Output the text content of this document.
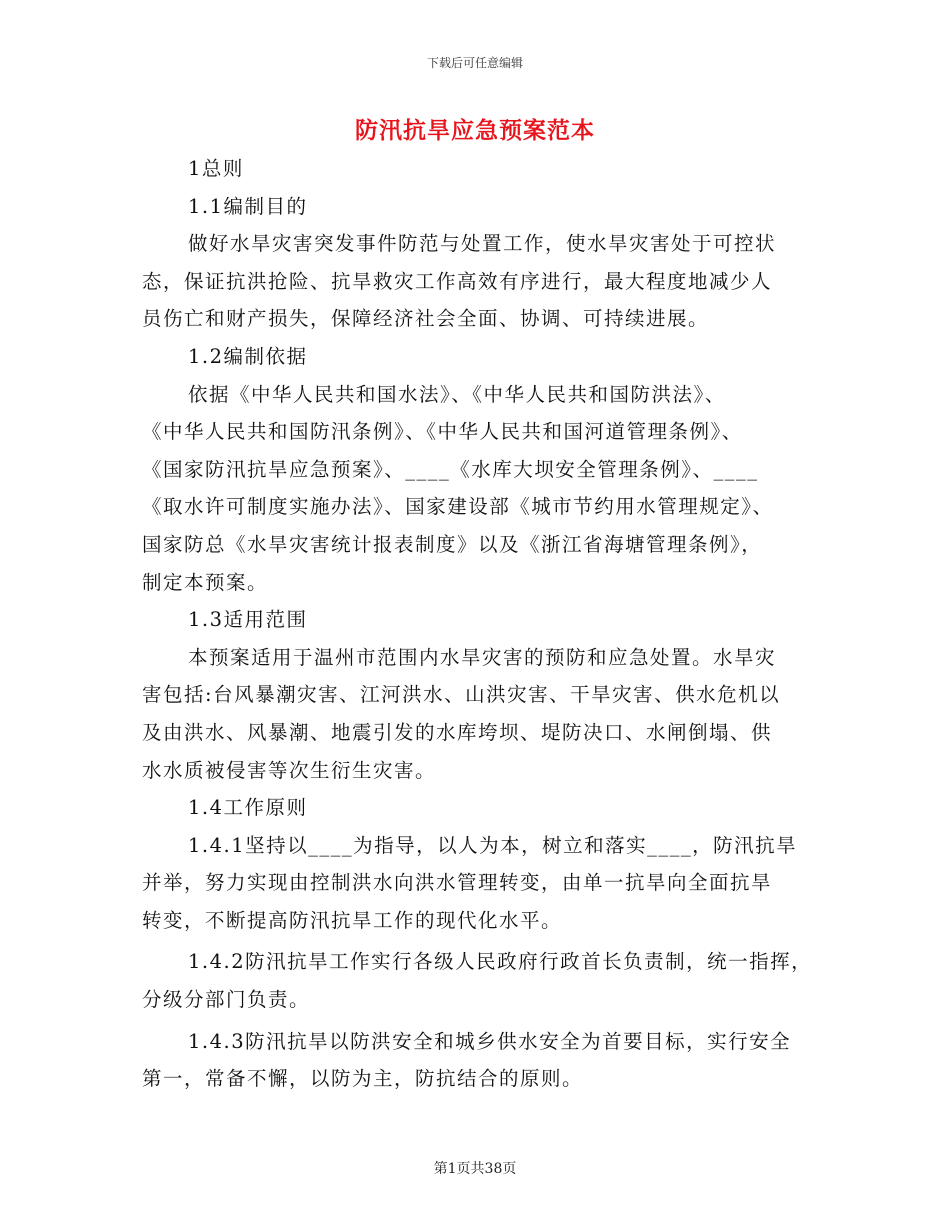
下载后可任意编辑
防汛抗旱应急预案范本
1总则
1.1编制目的
做好水旱灾害突发事件防范与处置工作，使水旱灾害处于可控状
态，保证抗洪抢险、抗旱救灾工作高效有序进行，最大程度地减少人
员伤亡和财产损失，保障经济社会全面、协调、可持续进展。
1.2编制依据
依据《中华人民共和国水法》、《中华人民共和国防洪法》、
《中华人民共和国防汛条例》、《中华人民共和国河道管理条例》、
《国家防汛抗旱应急预案》、____《水库大坝安全管理条例》、____
《取水许可制度实施办法》、国家建设部《城市节约用水管理规定》、
国家防总《水旱灾害统计报表制度》以及《浙江省海塘管理条例》，
制定本预案。
1.3适用范围
本预案适用于温州市范围内水旱灾害的预防和应急处置。水旱灾
害包括:台风暴潮灾害、江河洪水、山洪灾害、干旱灾害、供水危机以
及由洪水、风暴潮、地震引发的水库垮坝、堤防决口、水闸倒塌、供
水水质被侵害等次生衍生灾害。
1.4工作原则
1.4.1坚持以____为指导，以人为本，树立和落实____，防汛抗旱
并举，努力实现由控制洪水向洪水管理转变，由单一抗旱向全面抗旱
转变，不断提高防汛抗旱工作的现代化水平。
1.4.2防汛抗旱工作实行各级人民政府行政首长负责制，统一指挥，
分级分部门负责。
1.4.3防汛抗旱以防洪安全和城乡供水安全为首要目标，实行安全
第一，常备不懈，以防为主，防抗结合的原则。
第1页共38页
